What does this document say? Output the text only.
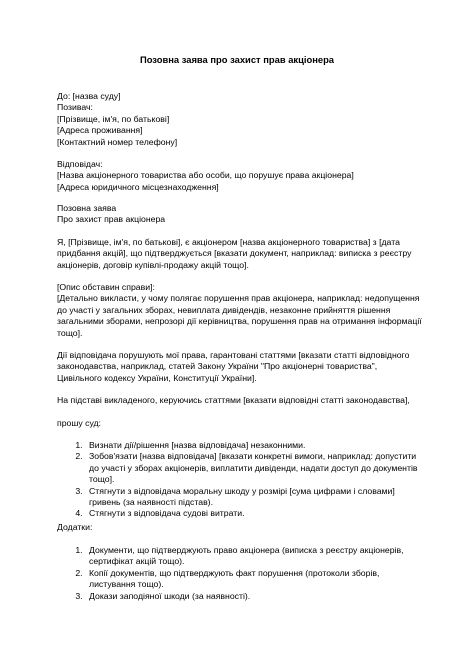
Позовна заява про захист прав акціонера
До: [назва суду]
Позивач:
[Прізвище, ім'я, по батькові]
[Адреса проживання]
[Контактний номер телефону]
Відповідач:
[Назва акціонерного товариства або особи, що порушує права акціонера]
[Адреса юридичного місцезнаходження]
Позовна заява
Про захист прав акціонера

Я, [Прізвище, ім'я, по батькові], є акціонером [назва акціонерного товариства] з [дата придбання акцій], що підтверджується [вказати документ, наприклад: виписка з реєстру акціонерів, договір купівлі-продажу акцій тощо].

[Опис обставин справи]:

[Детально викласти, у чому полягає порушення прав акціонера, наприклад: недопущення до участі у загальних зборах, невиплата дивідендів, незаконне прийняття рішення загальними зборами, непрозорі дії керівництва, порушення прав на отримання інформації тощо].

Дії відповідача порушують мої права, гарантовані статтями [вказати статті відповідного законодавства, наприклад, статей Закону України "Про акціонерні товариства", Цивільного кодексу України, Конституції України].

На підставі викладеного, керуючись статтями [вказати відповідні статті законодавства],

прошу суд:
1. Визнати дії/рішення [назва відповідача] незаконними.
2. Зобов'язати [назва відповідача] [вказати конкретні вимоги, наприклад: допустити до участі у зборах акціонерів, виплатити дивіденди, надати доступ до документів тощо].
3. Стягнути з відповідача моральну шкоду у розмірі [сума цифрами і словами] гривень (за наявності підстав).
4. Стягнути з відповідача судові витрати.
Додатки:
1. Документи, що підтверджують право акціонера (виписка з реєстру акціонерів, сертифікат акцій тощо).
2. Копії документів, що підтверджують факт порушення (протоколи зборів, листування тощо).
3. Докази заподіяної шкоди (за наявності).
